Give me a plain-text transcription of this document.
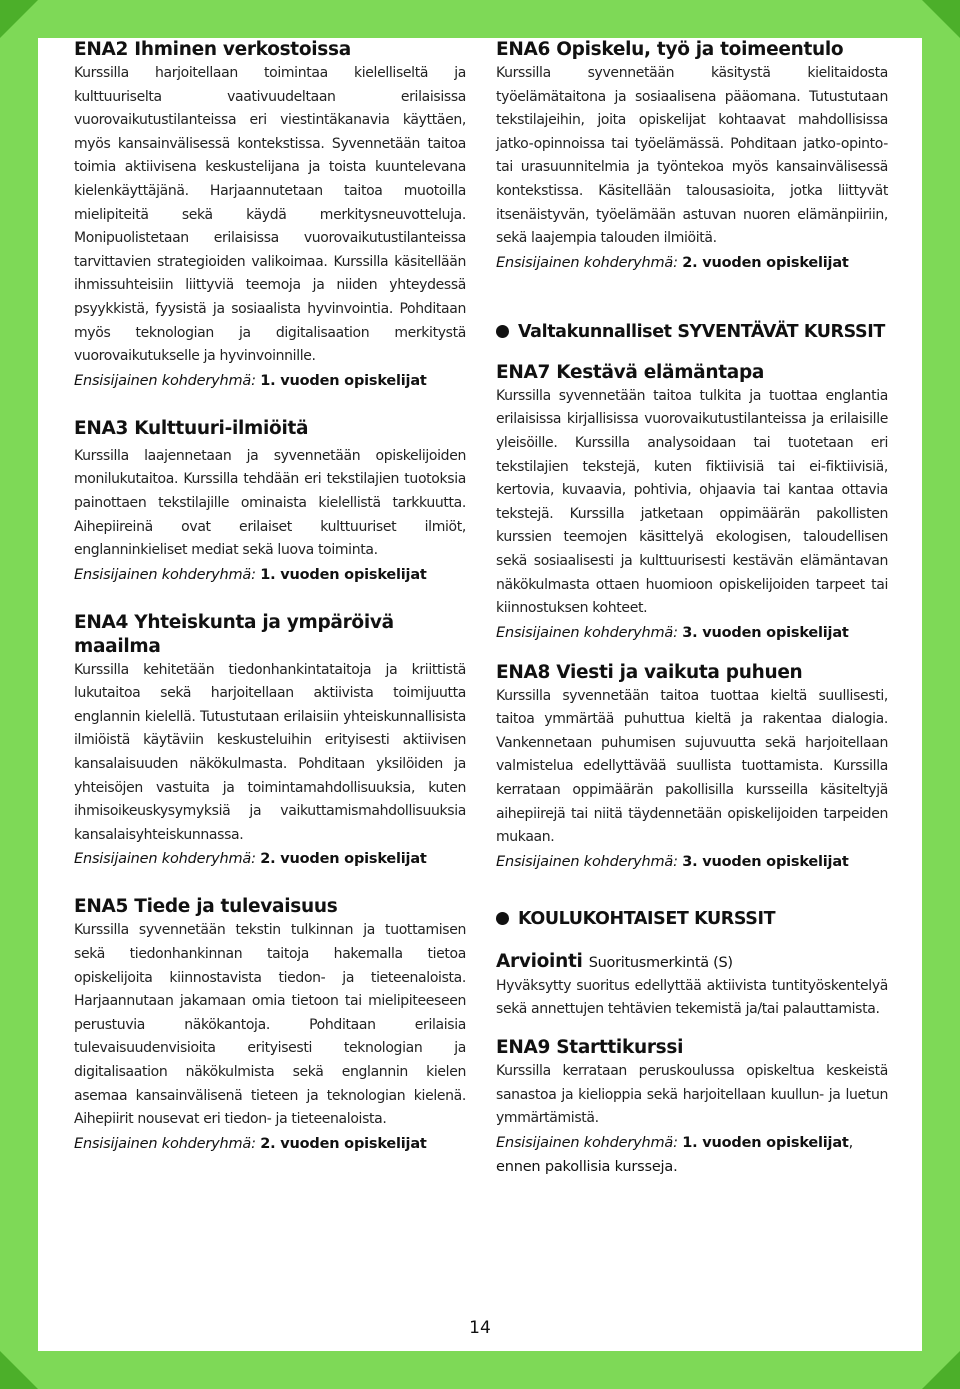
ENA2 Ihminen verkostoissa

Kurssilla harjoitellaan toimintaa kielelliseltä ja kulttuuriselta vaativuudeltaan erilaisissa vuorovaikutustilanteissa eri viestintäkanavia käyttäen, myös kansainvälisessä kontekstissa. Syvennetään taitoa toimia aktiivisena keskustelijana ja toista kuuntelevana kielenkäyttäjänä. Harjaannutetaan taitoa muotoilla mielipiteitä sekä käydä merkitysneuvotteluja. Monipuolistetaan erilaisissa vuorovaikutustilanteissa tarvittavien strategioiden valikoimaa. Kurssilla käsitellään ihmissuhteisiin liittyviä teemoja ja niiden yhteydessä psyykkistä, fyysistä ja sosiaalista hyvinvointia. Pohditaan myös teknologian ja digitalisaation merkitystä vuorovaikutukselle ja hyvinvoinnille.

Ensisijainen kohderyhmä: 1. vuoden opiskelijat

ENA3 Kulttuuri-ilmiöitä

Kurssilla laajennetaan ja syvennetään opiskelijoiden monilukutaitoa. Kurssilla tehdään eri tekstilajien tuotoksia painottaen tekstilajille ominaista kielellistä tarkkuutta. Aihepiireinä ovat erilaiset kulttuuriset ilmiöt, englanninkieliset mediat sekä luova toiminta.

Ensisijainen kohderyhmä: 1. vuoden opiskelijat

ENA4 Yhteiskunta ja ympäröivä maailma

Kurssilla kehitetään tiedonhankintataitoja ja kriittistä lukutaitoa sekä harjoitellaan aktiivista toimijuutta englannin kielellä. Tutustutaan erilaisiin yhteiskunnallisista ilmiöistä käytäviin keskusteluihin erityisesti aktiivisen kansalaisuuden näkökulmasta. Pohditaan yksilöiden ja yhteisöjen vastuita ja toimintamahdollisuuksia, kuten ihmisoikeuskysymyksiä ja vaikuttamismahdollisuuksia kansalaisyhteiskunnassa.

Ensisijainen kohderyhmä: 2. vuoden opiskelijat

ENA5 Tiede ja tulevaisuus

Kurssilla syvennetään tekstin tulkinnan ja tuottamisen sekä tiedonhankinnan taitoja hakemalla tietoa opiskelijoita kiinnostavista tiedon- ja tieteenaloista. Harjaannutaan jakamaan omia tietoon tai mielipiteeseen perustuvia näkökantoja. Pohditaan erilaisia tulevaisuudenvisioita erityisesti teknologian ja digitalisaation näkökulmista sekä englannin kielen asemaa kansainvälisenä tieteen ja teknologian kielenä. Aihepiirit nousevat eri tiedon- ja tieteenaloista.

Ensisijainen kohderyhmä: 2. vuoden opiskelijat

ENA6 Opiskelu, työ ja toimeentulo

Kurssilla syvennetään käsitystä kielitaidosta työelämätaitona ja sosiaalisena pääomana. Tutustutaan tekstilajeihin, joita opiskelijat kohtaavat mahdollisissa jatko-opinnoissa tai työelämässä. Pohditaan jatko-opinto- tai urasuunnitelmia ja työntekoa myös kansainvälisessä kontekstissa. Käsitellään talousasioita, jotka liittyvät itsenäistyvän, työelämään astuvan nuoren elämänpiiriin, sekä laajempia talouden ilmiöitä.

Ensisijainen kohderyhmä: 2. vuoden opiskelijat

Valtakunnalliset SYVENTÄVÄT KURSSIT
ENA7 Kestävä elämäntapa

Kurssilla syvennetään taitoa tulkita ja tuottaa englantia erilaisissa kirjallisissa vuorovaikutustilanteissa ja erilaisille yleisöille. Kurssilla analysoidaan tai tuotetaan eri tekstilajien tekstejä, kuten fiktiivisiä tai ei-fiktiivisiä, kertovia, kuvaavia, pohtivia, ohjaavia tai kantaa ottavia tekstejä. Kurssilla jatketaan oppimäärän pakollisten kurssien teemojen käsittelyä ekologisen, taloudellisen sekä sosiaalisesti ja kulttuurisesti kestävän elämäntavan näkökulmasta ottaen huomioon opiskelijoiden tarpeet tai kiinnostuksen kohteet.

Ensisijainen kohderyhmä: 3. vuoden opiskelijat

ENA8 Viesti ja vaikuta puhuen

Kurssilla syvennetään taitoa tuottaa kieltä suullisesti, taitoa ymmärtää puhuttua kieltä ja rakentaa dialogia. Vankennetaan puhumisen sujuvuutta sekä harjoitellaan valmistelua edellyttävää suullista tuottamista. Kurssilla kerrataan oppimäärän pakollisilla kursseilla käsiteltyjä aihepiirejä tai niitä täydennetään opiskelijoiden tarpeiden mukaan.

Ensisijainen kohderyhmä: 3. vuoden opiskelijat

KOULUKOHTAISET KURSSIT
Arviointi Suoritusmerkintä (S)

Hyväksytty suoritus edellyttää aktiivista tuntityöskentelyä sekä annettujen tehtävien tekemistä ja/tai palauttamista.

ENA9 Starttikurssi

Kurssilla kerrataan peruskoulussa opiskeltua keskeistä sanastoa ja kielioppia sekä harjoitellaan kuullun- ja luetun ymmärtämistä.

Ensisijainen kohderyhmä: 1. vuoden opiskelijat, ennen pakollisia kursseja.

14
